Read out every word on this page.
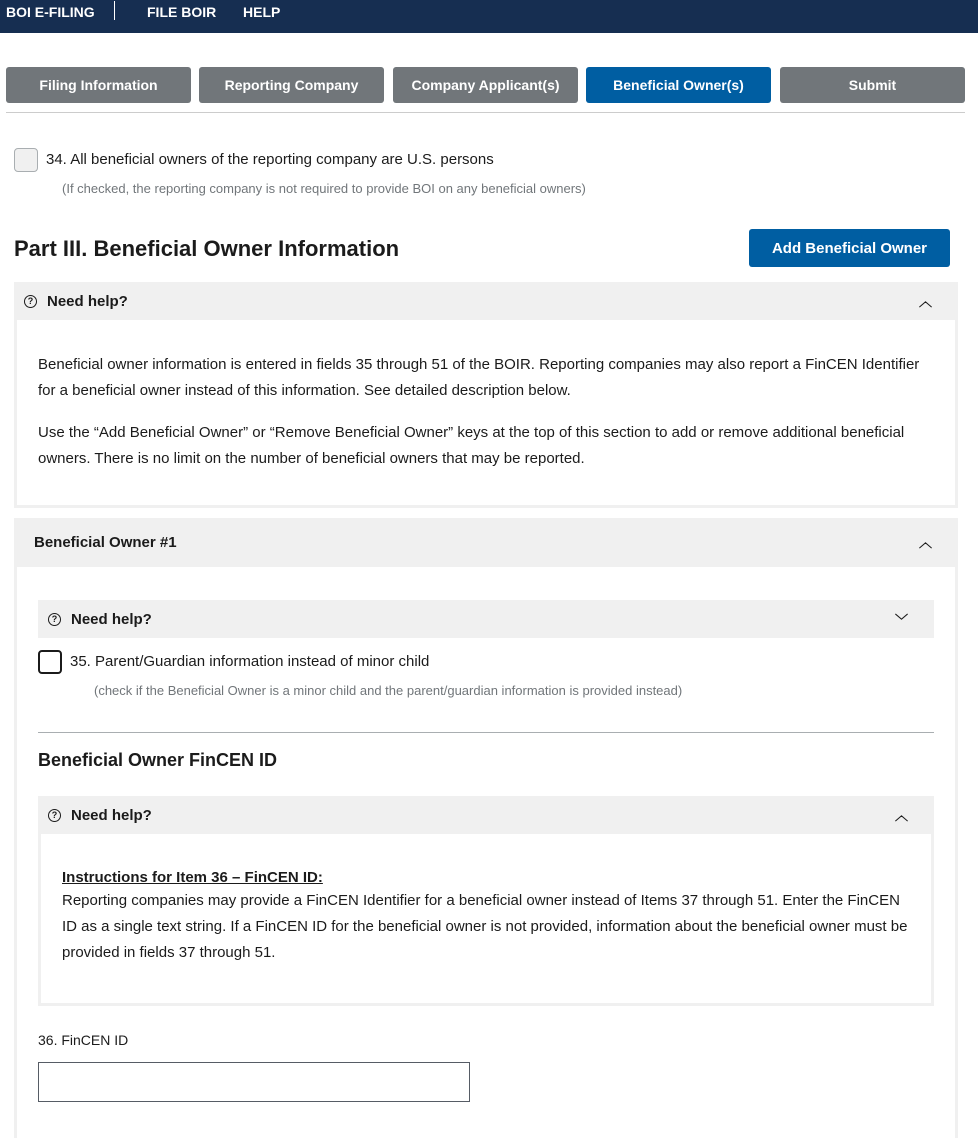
BOI E-FILING	FILE BOIR HELP
Filing Information	Reporting Company	Company Applicant(s)	Beneficial Owner(s)	Submit
34. All beneficial owners of the reporting company are U.S. persons
(If checked, the reporting company is not required to provide BOI on any beneficial owners)
Part III. Beneficial Owner Information	Add Beneficial Owner
? Need help?	︿

Beneficial owner information is entered in fields 35 through 51 of the BOIR. Reporting companies may also report a FinCEN Identifier for a beneficial owner instead of this information. See detailed description below.

Use the “Add Beneficial Owner” or “Remove Beneficial Owner” keys at the top of this section to add or remove additional beneficial owners. There is no limit on the number of beneficial owners that may be reported.

Beneficial Owner #1	︿
? Need help?	﹀
35. Parent/Guardian information instead of minor child
(check if the Beneficial Owner is a minor child and the parent/guardian information is provided instead)
Beneficial Owner FinCEN ID
? Need help?	︿

Instructions for Item 36 – FinCEN ID:

Reporting companies may provide a FinCEN Identifier for a beneficial owner instead of Items 37 through 51. Enter the FinCEN ID as a single text string. If a FinCEN ID for the beneficial owner is not provided, information about the beneficial owner must be provided in fields 37 through 51.

36. FinCEN ID
